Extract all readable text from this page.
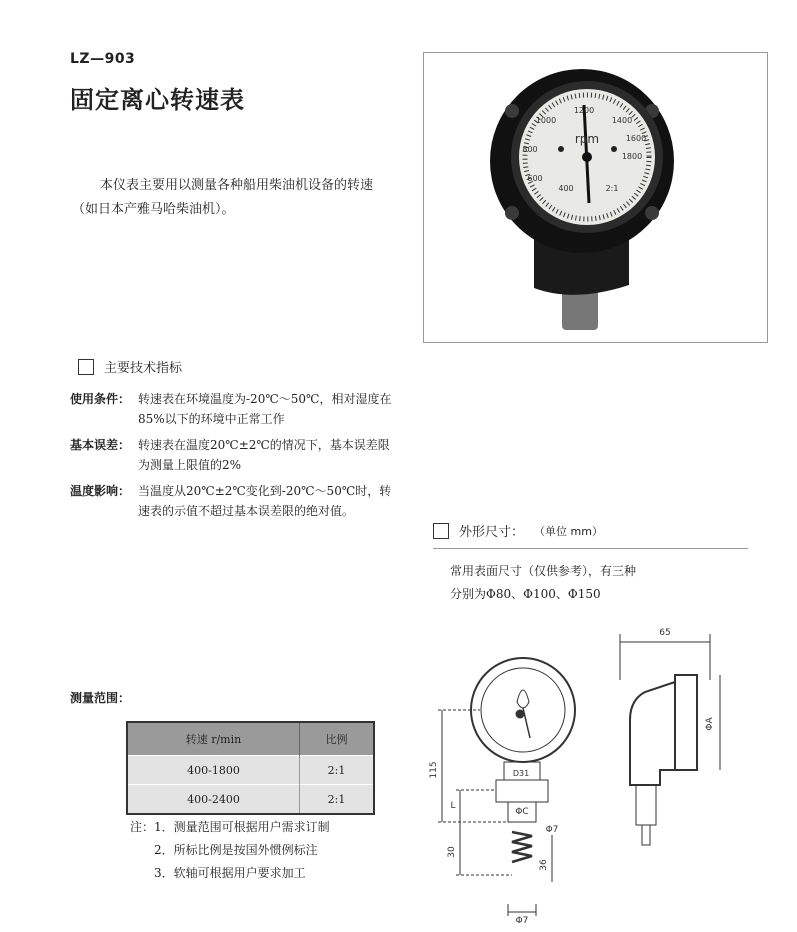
LZ—903
固定离心转速表
本仪表主要用以测量各种船用柴油机设备的转速（如日本产雅马哈柴油机）。
1200
1000	1400
800
1600
600
1800
400
rpm
2:1
主要技术指标
使用条件： 转速表在环境温度为-20℃～50℃，相对湿度在85%以下的环境中正常工作
基本误差： 转速表在温度20℃±2℃的情况下，基本误差限为测量上限值的2%
温度影响： 当温度从20℃±2℃变化到-20℃～50℃时，转速表的示值不超过基本误差限的绝对值。
外形尺寸： （单位 mm）
常用表面尺寸（仅供参考），有三种
分别为Φ80、Φ100、Φ150
65
ΦA
115
L
ΦC
D31
Φ7
30
36
Φ7
测量范围：
转速 r/min	比例
400-1800	2:1
400-2400	2:1
注：1．测量范围可根据用户需求订制
2．所标比例是按国外惯例标注
3．软轴可根据用户要求加工
